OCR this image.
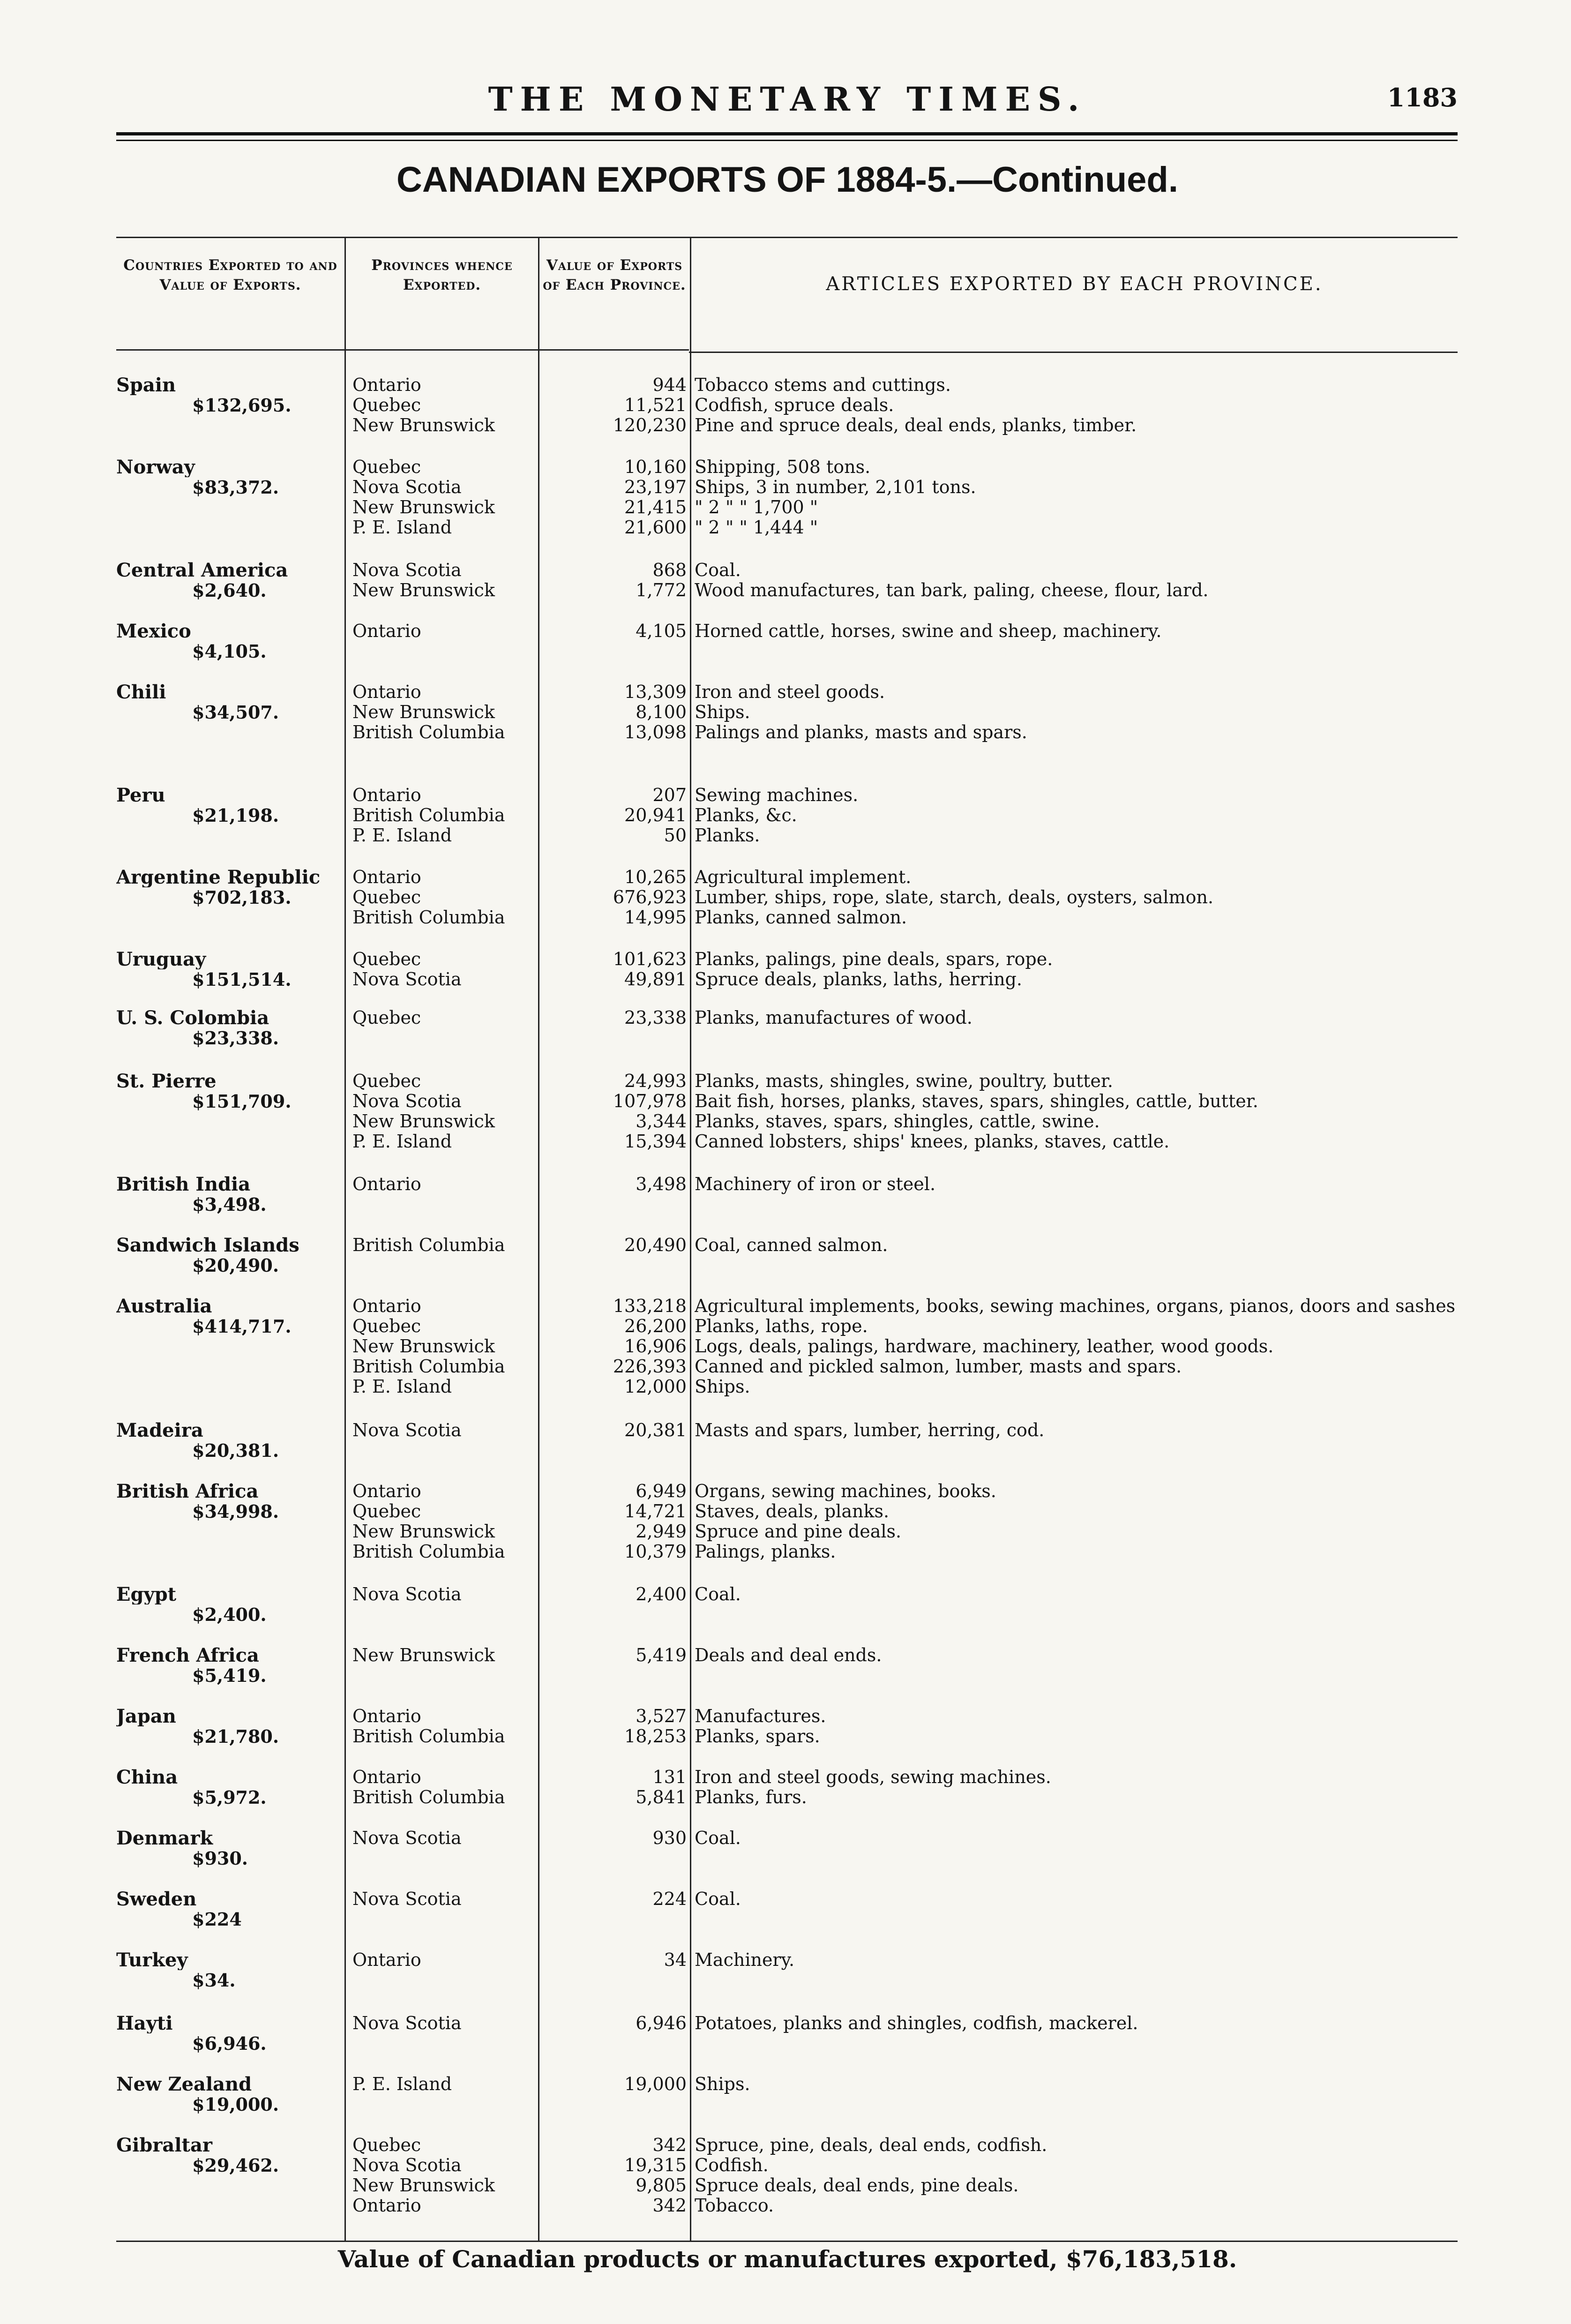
THE MONETARY TIMES.	1183
CANADIAN EXPORTS OF 1884-5.—Continued.
Countries Exported to and Value of Exports.
Provinces whence Exported.
Value of Exports of Each Province.	ARTICLES EXPORTED BY EACH PROVINCE.
Spain
$132,695.
Ontario	944 Tobacco stems and cuttings.
Quebec	11,521 Codfish, spruce deals.
New Brunswick	120,230 Pine and spruce deals, deal ends, planks, timber.
Norway
$83,372.
Quebec	10,160 Shipping, 508 tons.
Nova Scotia	23,197 Ships, 3 in number, 2,101 tons.
New Brunswick	21,415 " 2 " " 1,700 "
P. E. Island	21,600 " 2 " " 1,444 "
Central America
$2,640.
Nova Scotia	868 Coal.
New Brunswick	1,772 Wood manufactures, tan bark, paling, cheese, flour, lard.
Mexico
$4,105.
Ontario	4,105 Horned cattle, horses, swine and sheep, machinery.
Chili
$34,507.
Ontario	13,309 Iron and steel goods.
New Brunswick	8,100 Ships.
British Columbia	13,098 Palings and planks, masts and spars.
Peru
$21,198.
Ontario	207 Sewing machines.
British Columbia	20,941 Planks, &c.
P. E. Island	50 Planks.
Argentine Republic
$702,183.
Ontario	10,265 Agricultural implement.
Quebec	676,923 Lumber, ships, rope, slate, starch, deals, oysters, salmon.
British Columbia	14,995 Planks, canned salmon.
Uruguay
$151,514.
Quebec	101,623 Planks, palings, pine deals, spars, rope.
Nova Scotia	49,891 Spruce deals, planks, laths, herring.
U. S. Colombia
$23,338.
Quebec	23,338 Planks, manufactures of wood.
St. Pierre
$151,709.
Quebec	24,993 Planks, masts, shingles, swine, poultry, butter.
Nova Scotia	107,978 Bait fish, horses, planks, staves, spars, shingles, cattle, butter.
New Brunswick	3,344 Planks, staves, spars, shingles, cattle, swine.
P. E. Island	15,394 Canned lobsters, ships' knees, planks, staves, cattle.
British India
$3,498.
Ontario	3,498 Machinery of iron or steel.
Sandwich Islands
$20,490.
British Columbia	20,490 Coal, canned salmon.
Australia
$414,717.
Ontario	133,218 Agricultural implements, books, sewing machines, organs, pianos, doors and sashes
Quebec	26,200 Planks, laths, rope.
New Brunswick	16,906 Logs, deals, palings, hardware, machinery, leather, wood goods.
British Columbia	226,393 Canned and pickled salmon, lumber, masts and spars.
P. E. Island	12,000 Ships.
Madeira
$20,381.
Nova Scotia	20,381 Masts and spars, lumber, herring, cod.
British Africa
$34,998.
Ontario	6,949 Organs, sewing machines, books.
Quebec	14,721 Staves, deals, planks.
New Brunswick	2,949 Spruce and pine deals.
British Columbia	10,379 Palings, planks.
Egypt
$2,400.
Nova Scotia	2,400 Coal.
French Africa
$5,419.
New Brunswick	5,419 Deals and deal ends.
Japan
$21,780.
Ontario	3,527 Manufactures.
British Columbia	18,253 Planks, spars.
China
$5,972.
Ontario	131 Iron and steel goods, sewing machines.
British Columbia	5,841 Planks, furs.
Denmark
$930.
Nova Scotia	930 Coal.
Sweden
$224
Nova Scotia	224 Coal.
Turkey
$34.
Ontario	34 Machinery.
Hayti
$6,946.
Nova Scotia	6,946 Potatoes, planks and shingles, codfish, mackerel.
New Zealand
$19,000.
P. E. Island	19,000 Ships.
Gibraltar
$29,462.
Quebec	342 Spruce, pine, deals, deal ends, codfish.
Nova Scotia	19,315 Codfish.
New Brunswick	9,805 Spruce deals, deal ends, pine deals.
Ontario	342 Tobacco.
Value of Canadian products or manufactures exported, $76,183,518.
